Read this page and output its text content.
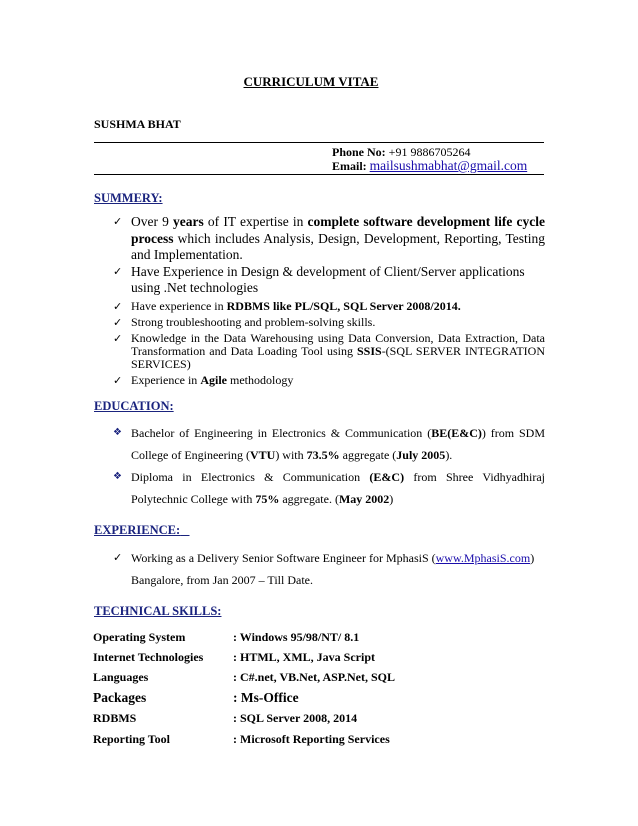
CURRICULUM VITAE
SUSHMA BHAT
Phone No: +91 9886705264
Email: mailsushmabhat@gmail.com
SUMMERY:
✓ Over 9 years of IT expertise in complete software development life cycle process which includes Analysis, Design, Development, Reporting, Testing and Implementation.
✓ Have Experience in Design & development of Client/Server applications using .Net technologies
✓ Have experience in RDBMS like PL/SQL, SQL Server 2008/2014.
✓ Strong troubleshooting and problem-solving skills.
✓ Knowledge in the Data Warehousing using Data Conversion, Data Extraction, Data Transformation and Data Loading Tool using SSIS-(SQL SERVER INTEGRATION SERVICES)
✓ Experience in Agile methodology
EDUCATION:
❖ Bachelor of Engineering in Electronics & Communication (BE(E&C)) from SDM College of Engineering (VTU) with 73.5% aggregate (July 2005).
❖ Diploma in Electronics & Communication (E&C) from Shree Vidhyadhiraj Polytechnic College with 75% aggregate. (May 2002)
EXPERIENCE:
✓ Working as a Delivery Senior Software Engineer for MphasiS (www.MphasiS.com)
Bangalore, from Jan 2007 – Till Date.
TECHNICAL SKILLS:
Operating System	: Windows 95/98/NT/ 8.1
Internet Technologies	: HTML, XML, Java Script
Languages	: C#.net, VB.Net, ASP.Net, SQL
Packages	: Ms-Office
RDBMS	: SQL Server 2008, 2014
Reporting Tool	: Microsoft Reporting Services
